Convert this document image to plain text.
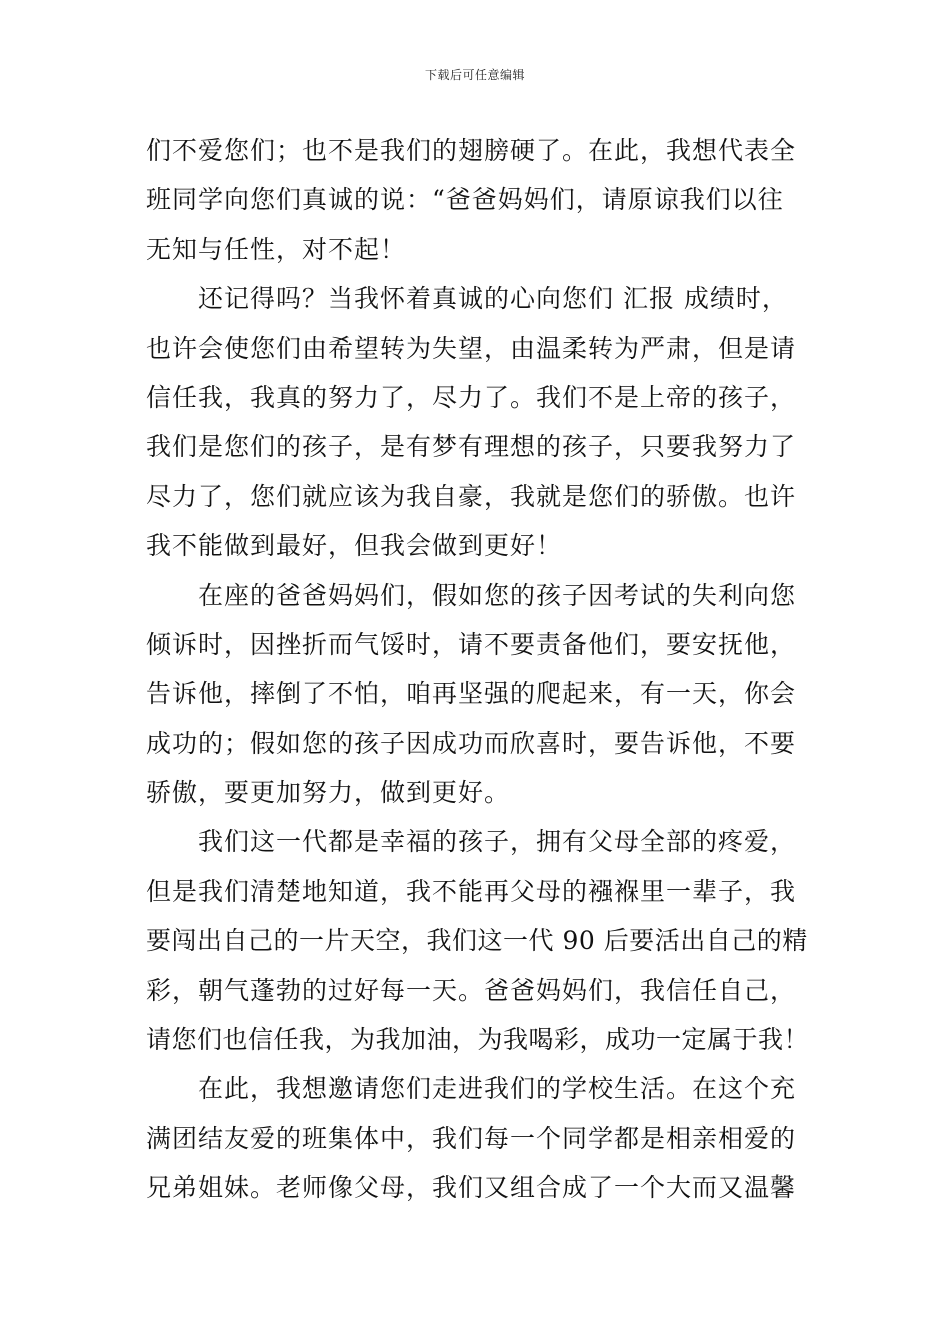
下载后可任意编辑
们不爱您们；也不是我们的翅膀硬了。在此，我想代表全
班同学向您们真诚的说：“爸爸妈妈们，请原谅我们以往
无知与任性，对不起！
还记得吗？当我怀着真诚的心向您们 汇报 成绩时，
也许会使您们由希望转为失望，由温柔转为严肃，但是请
信任我，我真的努力了，尽力了。我们不是上帝的孩子，
我们是您们的孩子，是有梦有理想的孩子，只要我努力了
尽力了，您们就应该为我自豪，我就是您们的骄傲。也许
我不能做到最好，但我会做到更好！
在座的爸爸妈妈们，假如您的孩子因考试的失利向您
倾诉时，因挫折而气馁时，请不要责备他们，要安抚他，
告诉他，摔倒了不怕，咱再坚强的爬起来，有一天，你会
成功的；假如您的孩子因成功而欣喜时，要告诉他，不要
骄傲，要更加努力，做到更好。
我们这一代都是幸福的孩子，拥有父母全部的疼爱，
但是我们清楚地知道，我不能再父母的襁褓里一辈子，我
要闯出自己的一片天空，我们这一代 90 后要活出自己的精
彩，朝气蓬勃的过好每一天。爸爸妈妈们，我信任自己，
请您们也信任我，为我加油，为我喝彩，成功一定属于我！
在此，我想邀请您们走进我们的学校生活。在这个充
满团结友爱的班集体中，我们每一个同学都是相亲相爱的
兄弟姐妹。老师像父母，我们又组合成了一个大而又温馨
